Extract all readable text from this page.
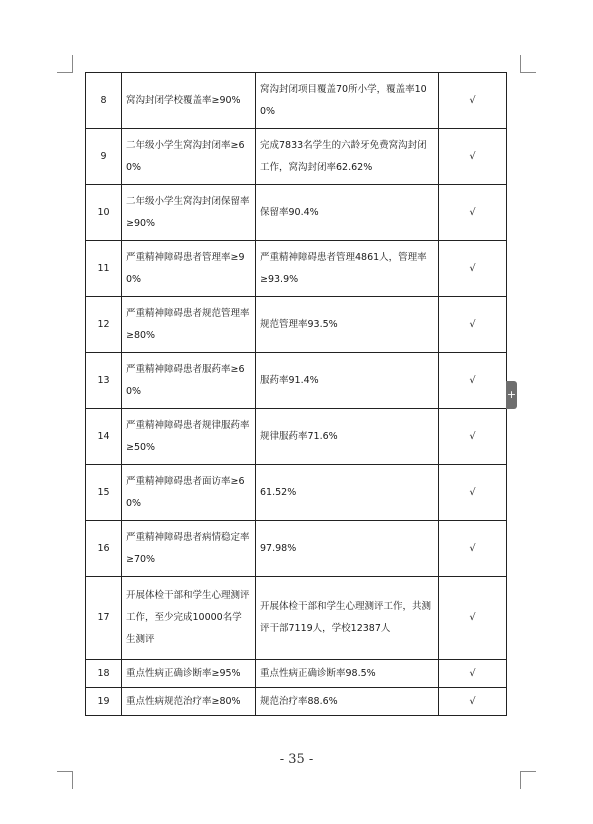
8	窝沟封闭学校覆盖率≥90%	窝沟封闭项目覆盖70所小学，覆盖率100%	√
9	二年级小学生窝沟封闭率≥60%	完成7833名学生的六龄牙免费窝沟封闭工作，窝沟封闭率62.62%	√
10	二年级小学生窝沟封闭保留率≥90%	保留率90.4%	√
11	严重精神障碍患者管理率≥90%	严重精神障碍患者管理4861人，管理率≥93.9%	√
12	严重精神障碍患者规范管理率≥80%	规范管理率93.5%	√
13	严重精神障碍患者服药率≥60%	服药率91.4%	√
14	严重精神障碍患者规律服药率≥50%	规律服药率71.6%	√
15	严重精神障碍患者面访率≥60%	61.52%	√
16	严重精神障碍患者病情稳定率≥70%	97.98%	√
17	开展体检干部和学生心理测评工作，至少完成10000名学生测评	开展体检干部和学生心理测评工作，共测评干部7119人，学校12387人	√
18	重点性病正确诊断率≥95%	重点性病正确诊断率98.5%	√
19	重点性病规范治疗率≥80%	规范治疗率88.6%	√
+
- 35 -
